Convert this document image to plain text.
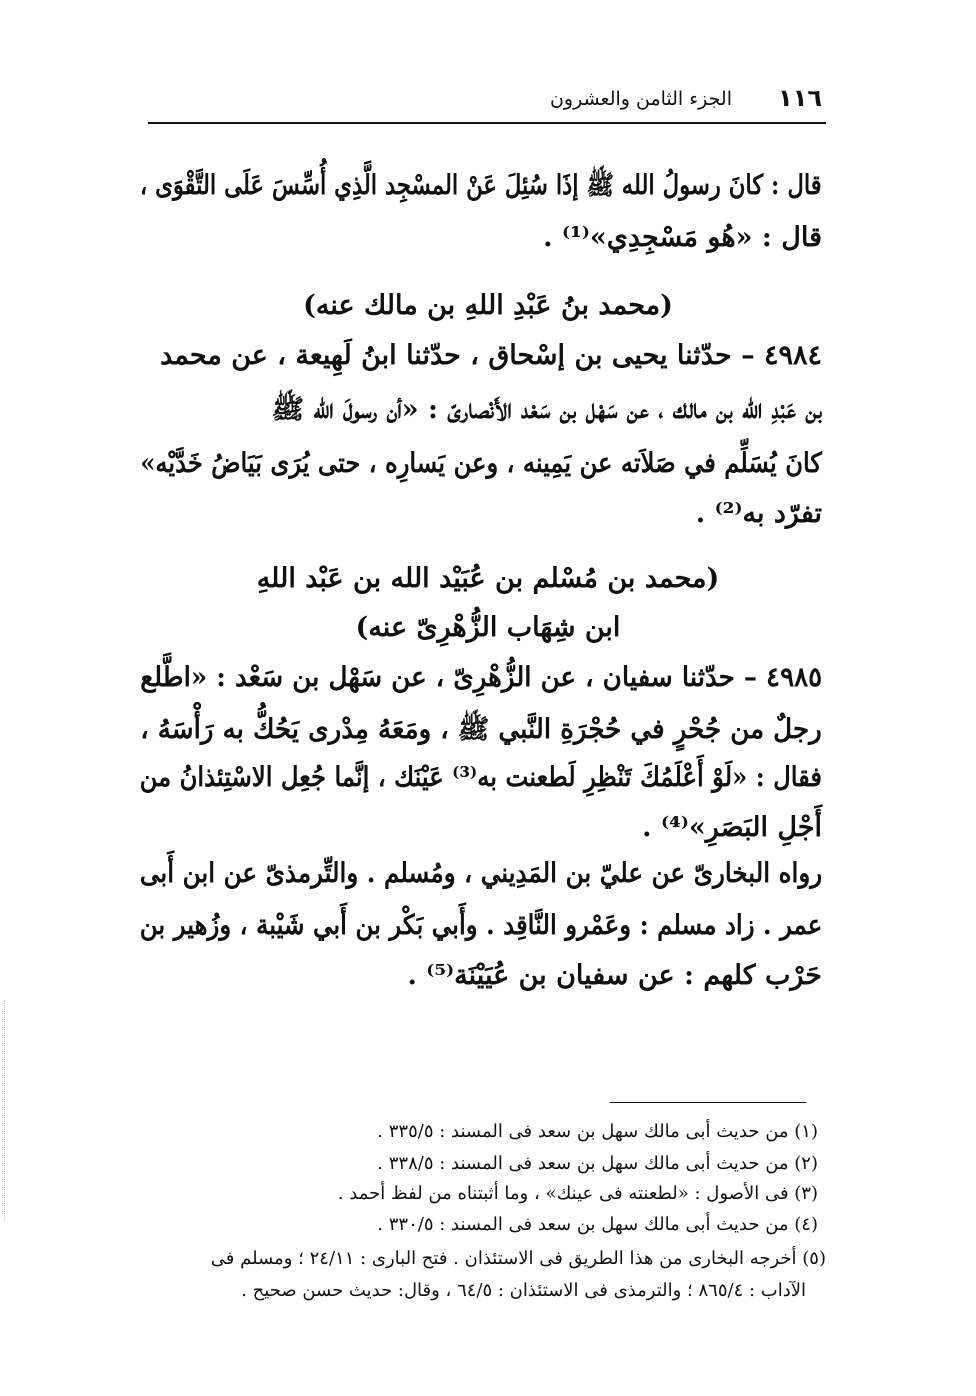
١١٦
الجزء الثامن والعشرون
قال : كانَ رسولُ الله ﷺ إذَا سُئِلَ عَنْ المسْجِد الَّذِي أُسِّسَ عَلَى التَّقْوَى ،
قال : «هُو مَسْجِدِي»⁽¹⁾ .
(محمد بنُ عَبْدِ اللهِ بن مالك عنه)
٤٩٨٤ – حدّثنا يحيى بن إسْحاق ، حدّثنا ابنُ لَهِيعة ، عن محمد
بن عَبْدِ الله بن مالك ، عن سَهْل بن سَعْد الأَنْصارىّ : «أن رسولَ الله ﷺ
كانَ يُسَلِّم في صَلاَته عن يَمِينه ، وعن يَسارِه ، حتى يُرَى بَيَاضُ خَدَّيْه»
تفرّد به⁽²⁾ .
(محمد بن مُسْلم بن عُبَيْد الله بن عَبْد اللهِ
ابن شِهَاب الزُّهْرِىّ عنه)
٤٩٨٥ – حدّثنا سفيان ، عن الزُّهْرِىّ ، عن سَهْل بن سَعْد : «اطَّلع
رجلٌ من جُحْرٍ في حُجْرَةِ النَّبي ﷺ ، ومَعَهُ مِدْرى يَحُكُّ به رَأْسَهُ ،
فقال : «لَوْ أَعْلَمُكَ تَنْظِرِ لَطعنت به⁽³⁾ عَيْنَك ، إنَّما جُعِل الاسْتِئذانُ من
أَجْلِ البَصَرِ»⁽⁴⁾ .
رواه البخارىّ عن عليّ بن المَدِيني ، ومُسلم . والتِّرمذىّ عن ابن أَبى
عمر . زاد مسلم : وعَمْرو النَّاقِد . وأَبي بَكْر بن أَبي شَيْبة ، وزُهير بن
حَرْب كلهم : عن سفيان بن عُيَيْنَة⁽⁵⁾ .
(١) من حديث أبى مالك سهل بن سعد فى المسند : ٣٣٥/٥ .
(٢) من حديث أبى مالك سهل بن سعد فى المسند : ٣٣٨/٥ .
(٣) فى الأصول : «لطعنته فى عينك» ، وما أثبتناه من لفظ أحمد .
(٤) من حديث أبى مالك سهل بن سعد فى المسند : ٣٣٠/٥ .
(٥) أخرجه البخارى من هذا الطريق فى الاستئذان . فتح البارى : ٢٤/١١ ؛ ومسلم فى
الآداب : ٨٦٥/٤ ؛ والترمذى فى الاستئذان : ٦٤/٥ ، وقال: حديث حسن صحيح .
